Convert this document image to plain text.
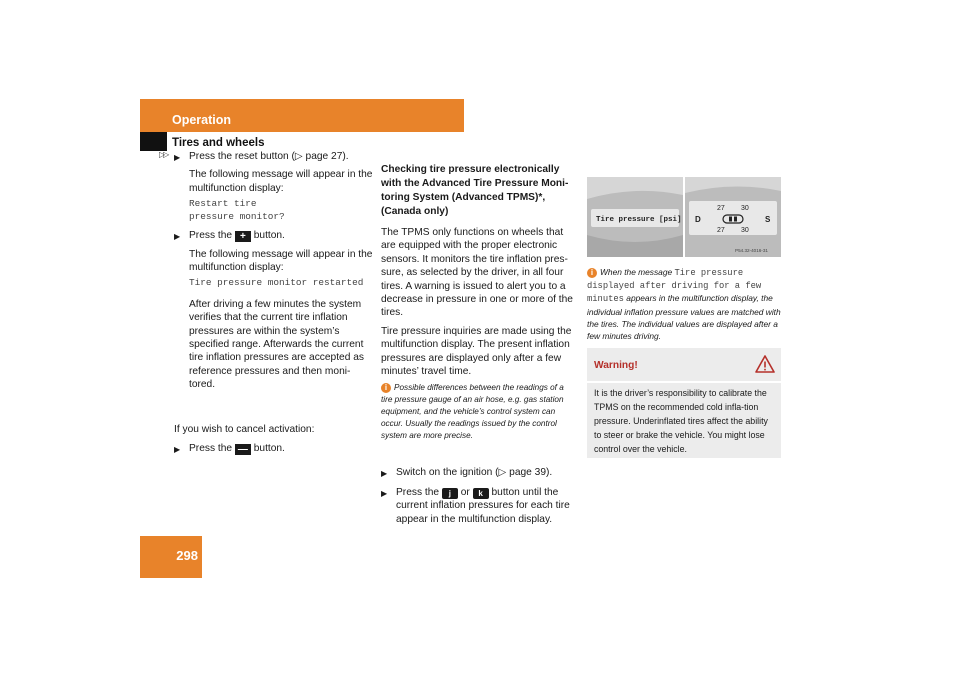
Operation
Tires and wheels
▷▷
▶ Press the reset button (▷ page 27).
The following message will appear in the multifunction display:
Restart tire
pressure monitor?
▶ Press the + button.
The following message will appear in the multifunction display:
Tire pressure monitor restarted
After driving a few minutes the system verifies that the current tire inflation pressures are within the system’s specified range. Afterwards the current tire inflation pressures are accepted as reference pressures and then moni-tored.
If you wish to cancel activation:
▶ Press the — button.
Checking tire pressure electronically with the Advanced Tire Pressure Moni-toring System (Advanced TPMS)*, (Canada only)
The TPMS only functions on wheels that are equipped with the proper electronic sensors. It monitors the tire inflation pres-sure, as selected by the driver, in all four tires. A warning is issued to alert you to a decrease in pressure in one or more of the tires.
Tire pressure inquiries are made using the multifunction display. The present inflation pressures are displayed only after a few minutes’ travel time.
i Possible differences between the readings of a tire pressure gauge of an air hose, e.g. gas station equipment, and the vehicle’s control system can occur. Usually the readings issued by the control system are more precise.
▶ Switch on the ignition (▷ page 39).
▶ Press the j or k button until the current inflation pressures for each tire appear in the multifunction display.
Tire pressure [psi]
27 30
27 30
D	S
P54.32-4016-31
i When the message Tire pressure displayed after driving for a few minutes appears in the multifunction display, the individual inflation pressure values are matched with the tires. The individual values are displayed after a few minutes driving.
Warning!
It is the driver’s responsibility to calibrate the TPMS on the recommended cold infla-tion pressure. Underinflated tires affect the ability to steer or brake the vehicle. You might lose control over the vehicle.
298
